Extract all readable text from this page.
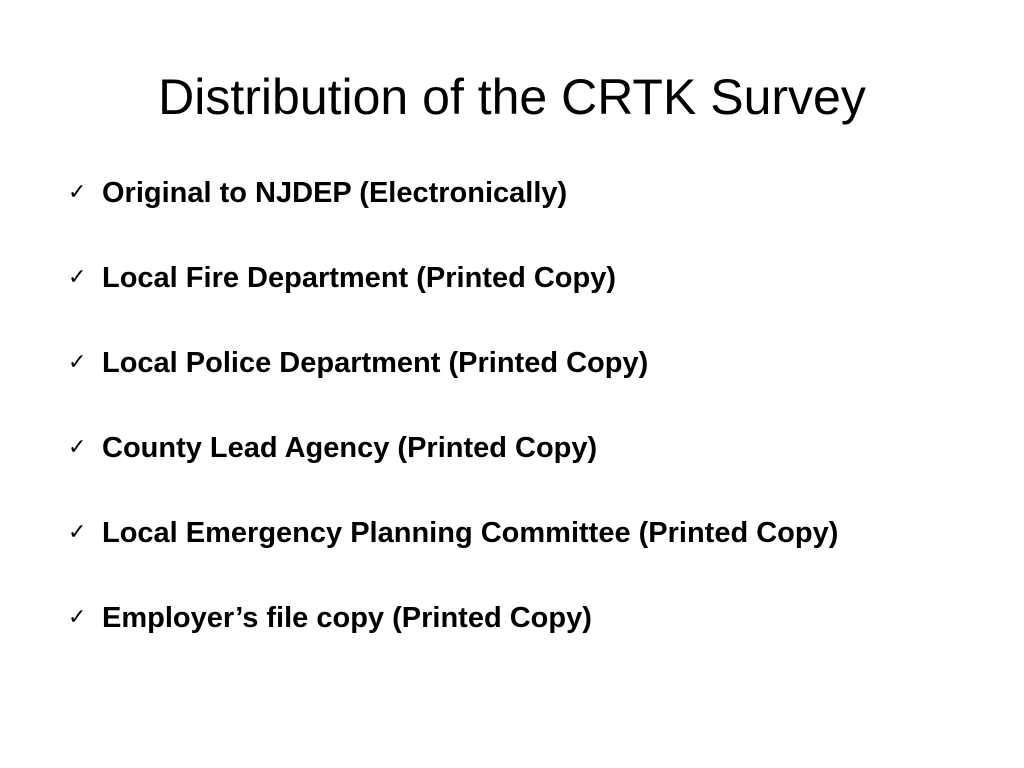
Distribution of the CRTK Survey
✓ Original to NJDEP (Electronically)
✓ Local Fire Department (Printed Copy)
✓ Local Police Department (Printed Copy)
✓ County Lead Agency (Printed Copy)
✓ Local Emergency Planning Committee (Printed Copy)
✓ Employer’s file copy (Printed Copy)
